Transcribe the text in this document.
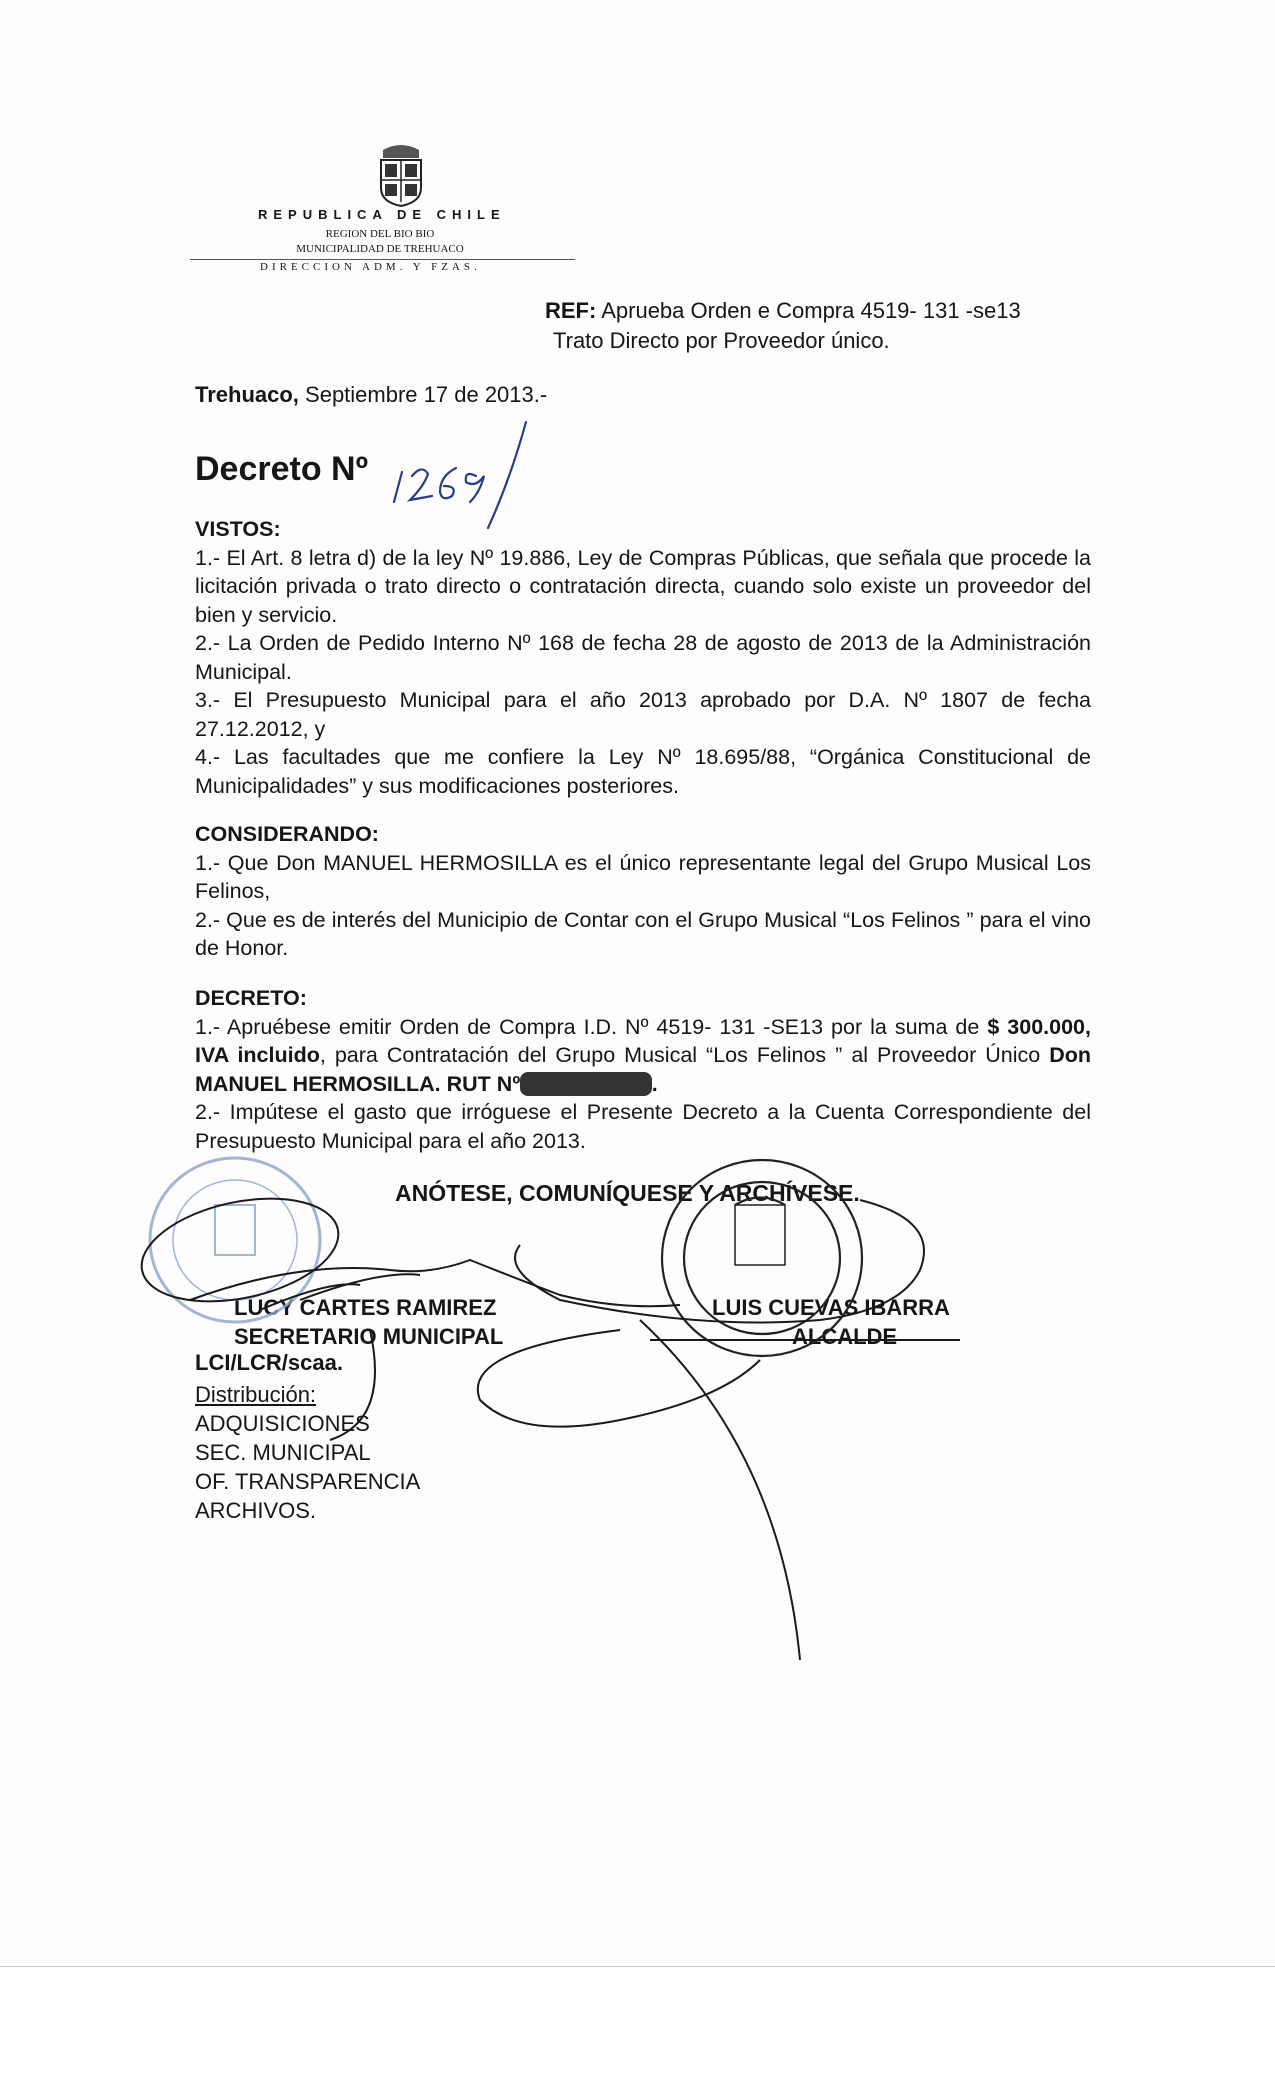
REPUBLICA DE CHILE
REGION DEL BIO BIO
MUNICIPALIDAD DE TREHUACO
DIRECCION ADM. Y FZAS.
REF: Aprueba Orden e Compra 4519- 131 -se13
Trato Directo por Proveedor único.
Trehuaco, Septiembre 17 de 2013.-
Decreto Nº

VISTOS:

1.- El Art. 8 letra d) de la ley Nº 19.886, Ley de Compras Públicas, que señala que procede la licitación privada o trato directo o contratación directa, cuando solo existe un proveedor del bien y servicio.

2.- La Orden de Pedido Interno Nº 168 de fecha 28 de agosto de 2013 de la Administración Municipal.

3.- El Presupuesto Municipal para el año 2013 aprobado por D.A. Nº 1807 de fecha 27.12.2012, y

4.- Las facultades que me confiere la Ley Nº 18.695/88, “Orgánica Constitucional de Municipalidades” y sus modificaciones posteriores.

CONSIDERANDO:

1.- Que Don MANUEL HERMOSILLA es el único representante legal del Grupo Musical Los Felinos,

2.- Que es de interés del Municipio de Contar con el Grupo Musical “Los Felinos ” para el vino de Honor.

DECRETO:

1.- Apruébese emitir Orden de Compra I.D. Nº 4519- 131 -SE13 por la suma de $ 300.000, IVA incluido, para Contratación del Grupo Musical “Los Felinos ” al Proveedor Único Don MANUEL HERMOSILLA. RUT Nº8.103.415 – k.

2.- Impútese el gasto que irróguese el Presente Decreto a la Cuenta Correspondiente del Presupuesto Municipal para el año 2013.

ANÓTESE, COMUNÍQUESE Y ARCHÍVESE.
LUCY CARTES RAMIREZ
SECRETARIO MUNICIPAL
LUIS CUEVAS IBARRA
ALCALDE
LCI/LCR/scaa.
Distribución:
ADQUISICIONES
SEC. MUNICIPAL
OF. TRANSPARENCIA
ARCHIVOS.
